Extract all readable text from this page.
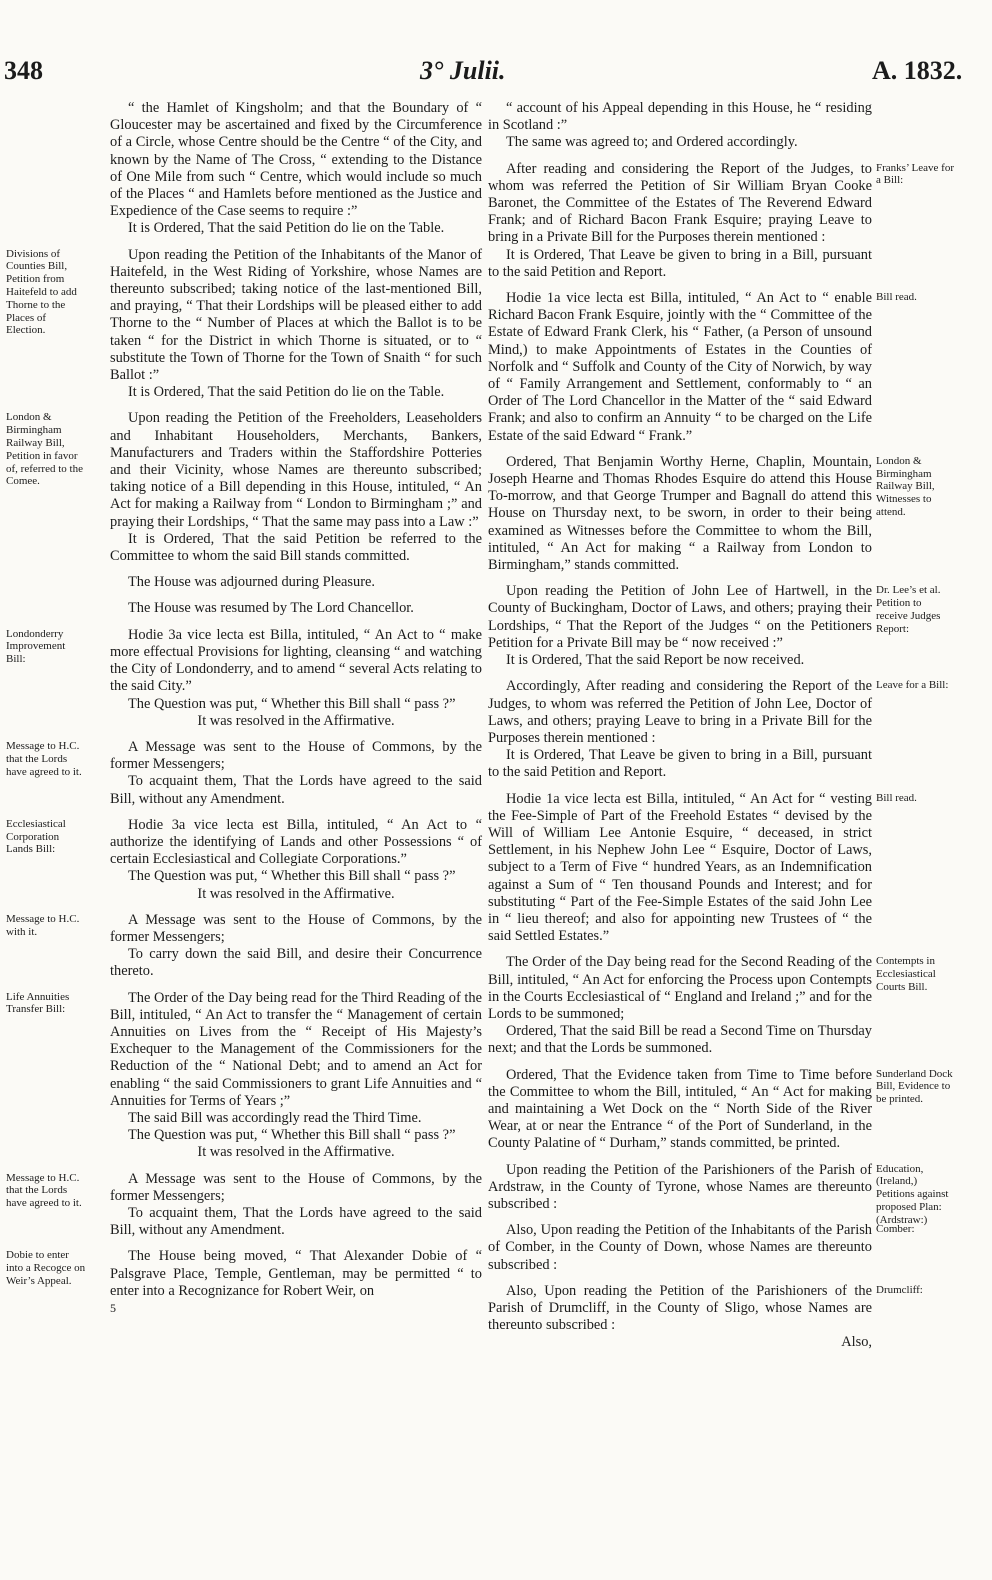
348	3° Julii.	A. 1832.

“ the Hamlet of Kingsholm; and that the Boundary of “ Gloucester may be ascertained and fixed by the Circumference of a Circle, whose Centre should be the Centre “ of the City, and known by the Name of The Cross, “ extending to the Distance of One Mile from such “ Centre, which would include so much of the Places “ and Hamlets before mentioned as the Justice and Expedience of the Case seems to require :”

It is Ordered, That the said Petition do lie on the Table.

Divisions of Counties Bill, Petition from Haitefeld to add Thorne to the Places of Election.

Upon reading the Petition of the Inhabitants of the Manor of Haitefeld, in the West Riding of Yorkshire, whose Names are thereunto subscribed; taking notice of the last-mentioned Bill, and praying, “ That their Lordships will be pleased either to add Thorne to the “ Number of Places at which the Ballot is to be taken “ for the District in which Thorne is situated, or to “ substitute the Town of Thorne for the Town of Snaith “ for such Ballot :”

It is Ordered, That the said Petition do lie on the Table.

London & Birmingham Railway Bill, Petition in favor of, referred to the Comee.

Upon reading the Petition of the Freeholders, Leaseholders and Inhabitant Householders, Merchants, Bankers, Manufacturers and Traders within the Staffordshire Potteries and their Vicinity, whose Names are thereunto subscribed; taking notice of a Bill depending in this House, intituled, “ An Act for making a Railway from “ London to Birmingham ;” and praying their Lordships, “ That the same may pass into a Law :”

It is Ordered, That the said Petition be referred to the Committee to whom the said Bill stands committed.

The House was adjourned during Pleasure.

The House was resumed by The Lord Chancellor.

Londonderry Improvement Bill:

Hodie 3a vice lecta est Billa, intituled, “ An Act to “ make more effectual Provisions for lighting, cleansing “ and watching the City of Londonderry, and to amend “ several Acts relating to the said City.”

The Question was put, “ Whether this Bill shall “ pass ?”

It was resolved in the Affirmative.

Message to H.C. that the Lords have agreed to it.

A Message was sent to the House of Commons, by the former Messengers;

To acquaint them, That the Lords have agreed to the said Bill, without any Amendment.

Ecclesiastical Corporation Lands Bill:

Hodie 3a vice lecta est Billa, intituled, “ An Act to “ authorize the identifying of Lands and other Possessions “ of certain Ecclesiastical and Collegiate Corporations.”

The Question was put, “ Whether this Bill shall “ pass ?”

It was resolved in the Affirmative.

Message to H.C. with it.

A Message was sent to the House of Commons, by the former Messengers;

To carry down the said Bill, and desire their Concurrence thereto.

Life Annuities Transfer Bill:

The Order of the Day being read for the Third Reading of the Bill, intituled, “ An Act to transfer the “ Management of certain Annuities on Lives from the “ Receipt of His Majesty’s Exchequer to the Management of the Commissioners for the Reduction of the “ National Debt; and to amend an Act for enabling “ the said Commissioners to grant Life Annuities and “ Annuities for Terms of Years ;”

The said Bill was accordingly read the Third Time.

The Question was put, “ Whether this Bill shall “ pass ?”

It was resolved in the Affirmative.

Message to H.C. that the Lords have agreed to it.

A Message was sent to the House of Commons, by the former Messengers;

To acquaint them, That the Lords have agreed to the said Bill, without any Amendment.

Dobie to enter into a Recogce on Weir’s Appeal.

The House being moved, “ That Alexander Dobie of “ Palsgrave Place, Temple, Gentleman, may be permitted “ to enter into a Recognizance for Robert Weir, on

5

“ account of his Appeal depending in this House, he “ residing in Scotland :”

The same was agreed to; and Ordered accordingly.

Franks’ Leave for a Bill:

After reading and considering the Report of the Judges, to whom was referred the Petition of Sir William Bryan Cooke Baronet, the Committee of the Estates of The Reverend Edward Frank; and of Richard Bacon Frank Esquire; praying Leave to bring in a Private Bill for the Purposes therein mentioned :

It is Ordered, That Leave be given to bring in a Bill, pursuant to the said Petition and Report.

Bill read.

Hodie 1a vice lecta est Billa, intituled, “ An Act to “ enable Richard Bacon Frank Esquire, jointly with the “ Committee of the Estate of Edward Frank Clerk, his “ Father, (a Person of unsound Mind,) to make Appointments of Estates in the Counties of Norfolk and “ Suffolk and County of the City of Norwich, by way of “ Family Arrangement and Settlement, conformably to “ an Order of The Lord Chancellor in the Matter of the “ said Edward Frank; and also to confirm an Annuity “ to be charged on the Life Estate of the said Edward “ Frank.”

London & Birmingham Railway Bill, Witnesses to attend.

Ordered, That Benjamin Worthy Herne, Chaplin, Mountain, Joseph Hearne and Thomas Rhodes Esquire do attend this House To-morrow, and that George Trumper and Bagnall do attend this House on Thursday next, to be sworn, in order to their being examined as Witnesses before the Committee to whom the Bill, intituled, “ An Act for making “ a Railway from London to Birmingham,” stands committed.

Dr. Lee’s et al. Petition to receive Judges Report:

Upon reading the Petition of John Lee of Hartwell, in the County of Buckingham, Doctor of Laws, and others; praying their Lordships, “ That the Report of the Judges “ on the Petitioners Petition for a Private Bill may be “ now received :”

It is Ordered, That the said Report be now received.

Leave for a Bill:

Accordingly, After reading and considering the Report of the Judges, to whom was referred the Petition of John Lee, Doctor of Laws, and others; praying Leave to bring in a Private Bill for the Purposes therein mentioned :

It is Ordered, That Leave be given to bring in a Bill, pursuant to the said Petition and Report.

Bill read.

Hodie 1a vice lecta est Billa, intituled, “ An Act for “ vesting the Fee-Simple of Part of the Freehold Estates “ devised by the Will of William Lee Antonie Esquire, “ deceased, in strict Settlement, in his Nephew John Lee “ Esquire, Doctor of Laws, subject to a Term of Five “ hundred Years, as an Indemnification against a Sum of “ Ten thousand Pounds and Interest; and for substituting “ Part of the Fee-Simple Estates of the said John Lee in “ lieu thereof; and also for appointing new Trustees of “ the said Settled Estates.”

Contempts in Ecclesiastical Courts Bill.

The Order of the Day being read for the Second Reading of the Bill, intituled, “ An Act for enforcing the Process upon Contempts in the Courts Ecclesiastical of “ England and Ireland ;” and for the Lords to be summoned;

Ordered, That the said Bill be read a Second Time on Thursday next; and that the Lords be summoned.

Sunderland Dock Bill, Evidence to be printed.

Ordered, That the Evidence taken from Time to Time before the Committee to whom the Bill, intituled, “ An “ Act for making and maintaining a Wet Dock on the “ North Side of the River Wear, at or near the Entrance “ of the Port of Sunderland, in the County Palatine of “ Durham,” stands committed, be printed.

Education, (Ireland,) Petitions against proposed Plan: (Ardstraw:)

Upon reading the Petition of the Parishioners of the Parish of Ardstraw, in the County of Tyrone, whose Names are thereunto subscribed :

Comber:

Also, Upon reading the Petition of the Inhabitants of the Parish of Comber, in the County of Down, whose Names are thereunto subscribed :

Drumcliff:

Also, Upon reading the Petition of the Parishioners of the Parish of Drumcliff, in the County of Sligo, whose Names are thereunto subscribed :

Also,
